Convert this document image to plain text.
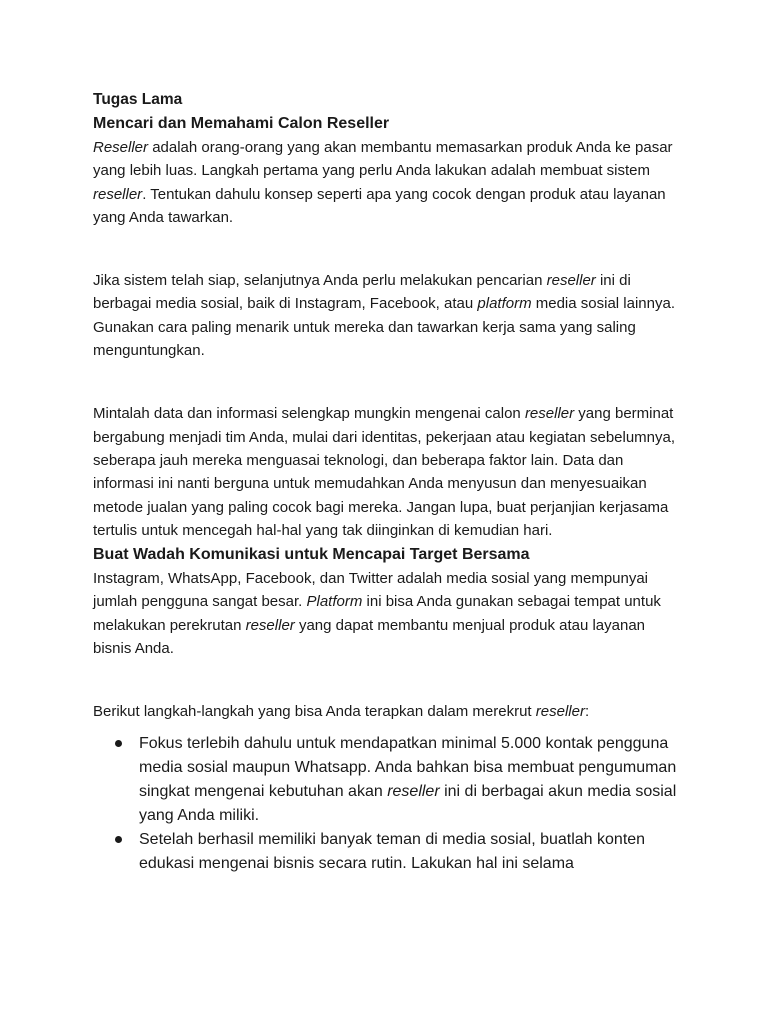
Tugas Lama
Mencari dan Memahami Calon Reseller

Reseller adalah orang-orang yang akan membantu memasarkan produk Anda ke pasar yang lebih luas. Langkah pertama yang perlu Anda lakukan adalah membuat sistem reseller. Tentukan dahulu konsep seperti apa yang cocok dengan produk atau layanan yang Anda tawarkan.

Jika sistem telah siap, selanjutnya Anda perlu melakukan pencarian reseller ini di berbagai media sosial, baik di Instagram, Facebook, atau platform media sosial lainnya. Gunakan cara paling menarik untuk mereka dan tawarkan kerja sama yang saling menguntungkan.

Mintalah data dan informasi selengkap mungkin mengenai calon reseller yang berminat bergabung menjadi tim Anda, mulai dari identitas, pekerjaan atau kegiatan sebelumnya, seberapa jauh mereka menguasai teknologi, dan beberapa faktor lain. Data dan informasi ini nanti berguna untuk memudahkan Anda menyusun dan menyesuaikan metode jualan yang paling cocok bagi mereka. Jangan lupa, buat perjanjian kerjasama tertulis untuk mencegah hal-hal yang tak diinginkan di kemudian hari.

Buat Wadah Komunikasi untuk Mencapai Target Bersama

Instagram, WhatsApp, Facebook, dan Twitter adalah media sosial yang mempunyai jumlah pengguna sangat besar. Platform ini bisa Anda gunakan sebagai tempat untuk melakukan perekrutan reseller yang dapat membantu menjual produk atau layanan bisnis Anda.

Berikut langkah-langkah yang bisa Anda terapkan dalam merekrut reseller:

Fokus terlebih dahulu untuk mendapatkan minimal 5.000 kontak pengguna media sosial maupun Whatsapp. Anda bahkan bisa membuat pengumuman singkat mengenai kebutuhan akan reseller ini di berbagai akun media sosial yang Anda miliki.
Setelah berhasil memiliki banyak teman di media sosial, buatlah konten edukasi mengenai bisnis secara rutin. Lakukan hal ini selama
